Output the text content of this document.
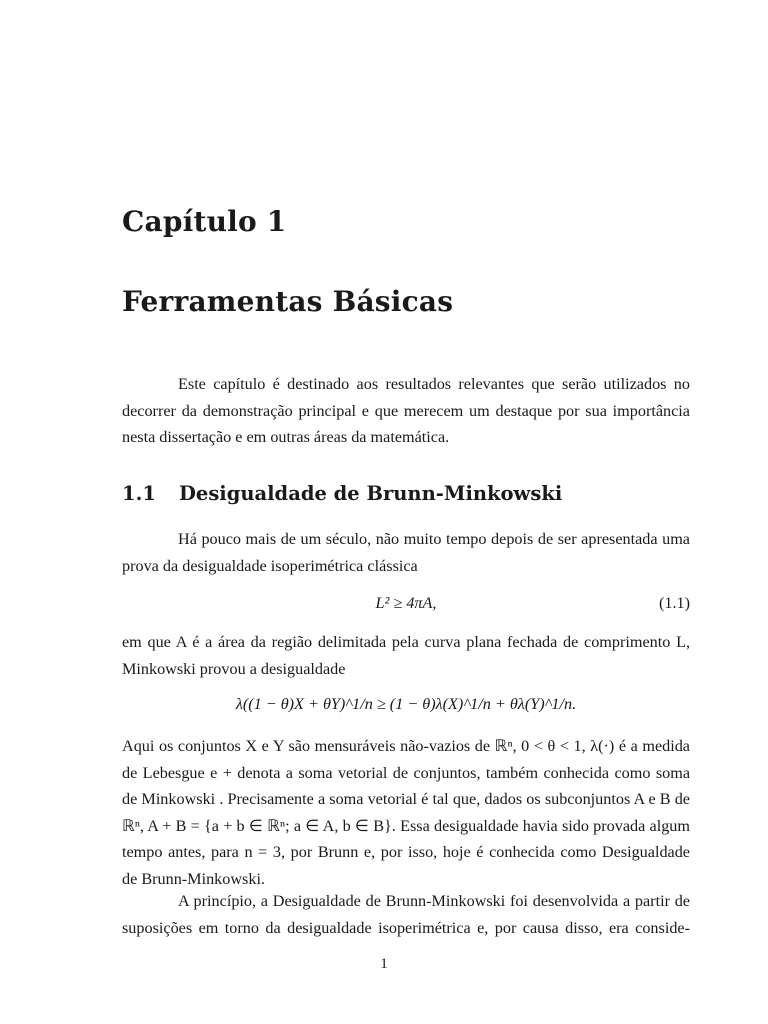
Capítulo 1
Ferramentas Básicas

Este capítulo é destinado aos resultados relevantes que serão utilizados no
decorrer da demonstração principal e que merecem um destaque por sua importância
nesta dissertação e em outras áreas da matemática.

1.1 Desigualdade de Brunn-Minkowski

Há pouco mais de um século, não muito tempo depois de ser apresentada uma
prova da desigualdade isoperimétrica clássica

L² ≥ 4πA,	(1.1)

em que A é a área da região delimitada pela curva plana fechada de comprimento L,
Minkowski provou a desigualdade

λ((1 − θ)X + θY)^1/n ≥ (1 − θ)λ(X)^1/n + θλ(Y)^1/n.

Aqui os conjuntos X e Y são mensuráveis não-vazios de ℝⁿ, 0 < θ < 1, λ(·) é a medida
de Lebesgue e + denota a soma vetorial de conjuntos, também conhecida como soma
de Minkowski . Precisamente a soma vetorial é tal que, dados os subconjuntos A e B de
ℝⁿ, A + B = {a + b ∈ ℝⁿ; a ∈ A, b ∈ B}. Essa desigualdade havia sido provada algum
tempo antes, para n = 3, por Brunn e, por isso, hoje é conhecida como Desigualdade
de Brunn-Minkowski.

A princípio, a Desigualdade de Brunn-Minkowski foi desenvolvida a partir de
suposições em torno da desigualdade isoperimétrica e, por causa disso, era conside-

1
